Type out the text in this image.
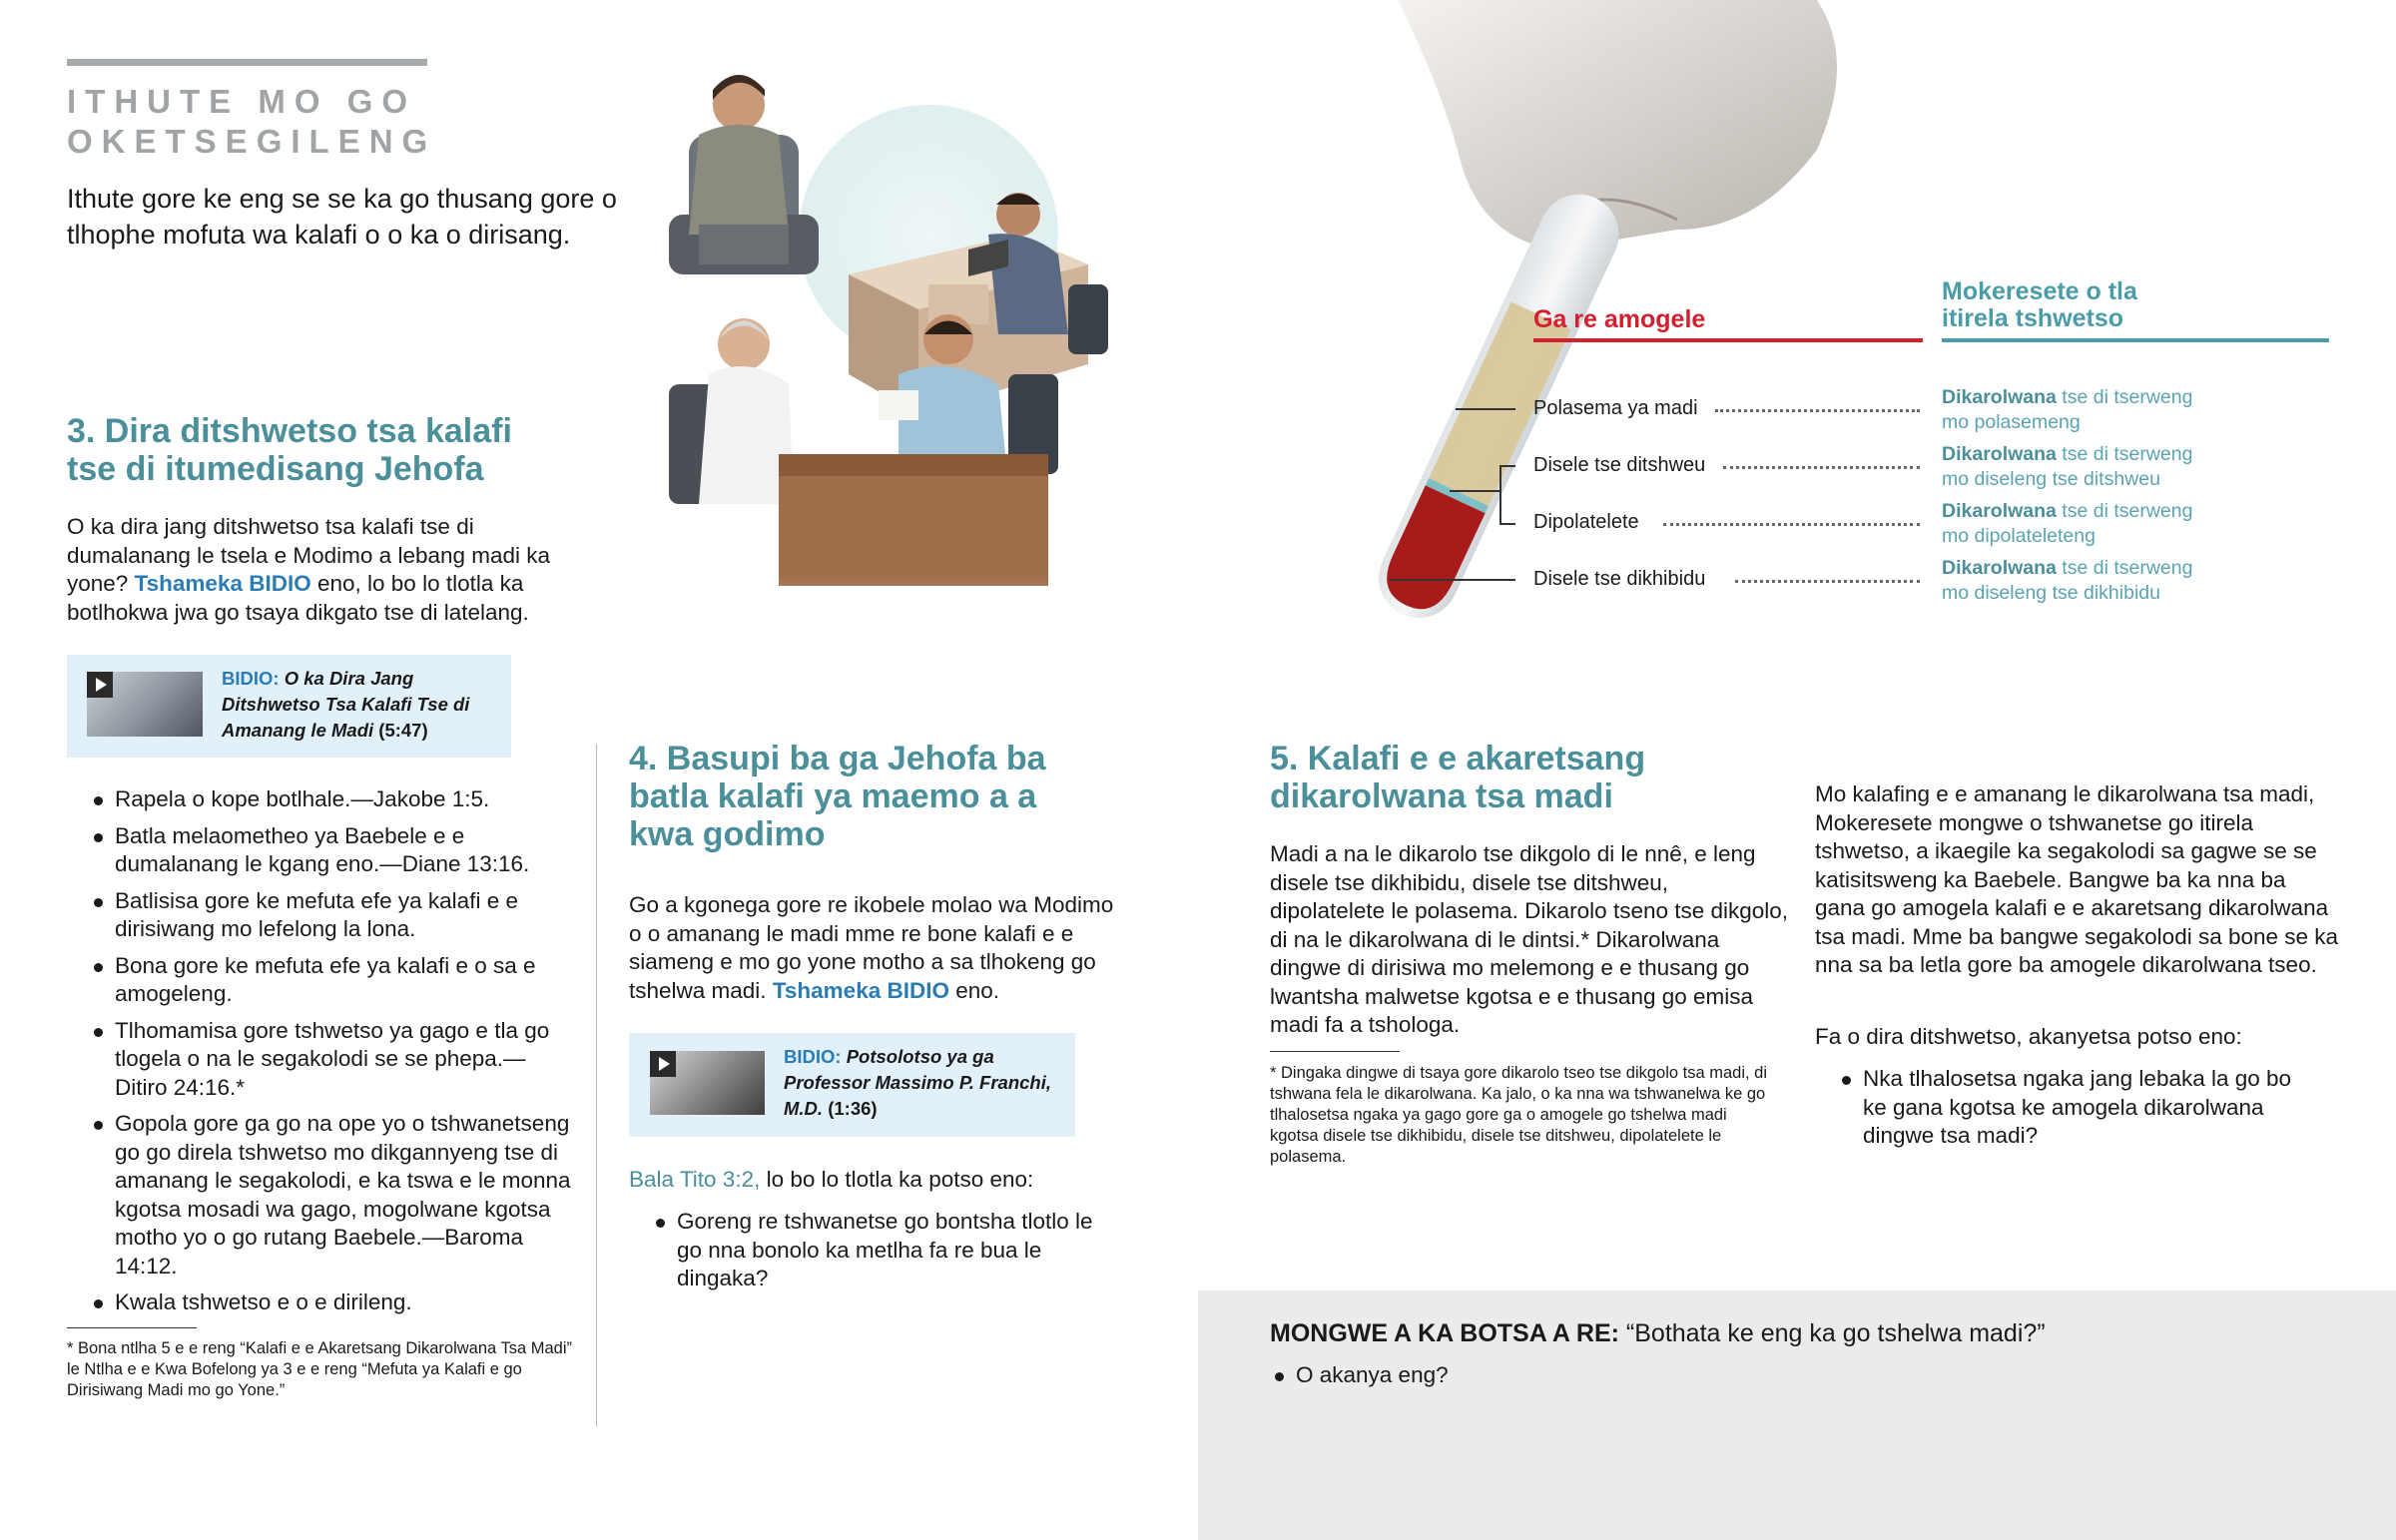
ITHUTE MO GO
OKETSEGILENG
Ithute gore ke eng se se ka go thusang gore o tlhophe mofuta wa kalafi o o ka o dirisang.
Ga re amogele
Mokeresete o tla
itirela tshwetso
Polasema ya madi	Dikarolwana tse di tserweng
mo polasemeng
Disele tse ditshweu	Dikarolwana tse di tserweng
mo diseleng tse ditshweu
Dipolatelete	Dikarolwana tse di tserweng
mo dipolateleteng
Disele tse dikhibidu	Dikarolwana tse di tserweng
mo diseleng tse dikhibidu
3. Dira ditshwetso tsa kalafi tse di itumedisang Jehofa

O ka dira jang ditshwetso tsa kalafi tse di dumalanang le tsela e Modimo a lebang madi ka yone? Tshameka BIDIO eno, lo bo lo tlotla ka botlhokwa jwa go tsaya dikgato tse di latelang.

BIDIO: O ka Dira Jang Ditshwetso Tsa Kalafi Tse di Amanang le Madi (5:47)
Rapela o kope botlhale.—Jakobe 1:5.
Batla melaometheo ya Baebele e e dumalanang le kgang eno.—Diane 13:16.
Batlisisa gore ke mefuta efe ya kalafi e e dirisiwang mo lefelong la lona.
Bona gore ke mefuta efe ya kalafi e o sa e amogeleng.
Tlhomamisa gore tshwetso ya gago e tla go tlogela o na le segakolodi se se phepa.—Ditiro 24:16.*
Gopola gore ga go na ope yo o tshwanetseng go go direla tshwetso mo dikgannyeng tse di amanang le segakolodi, e ka tswa e le monna kgotsa mosadi wa gago, mogolwane kgotsa motho yo o go rutang Baebele.—Baroma 14:12.
Kwala tshwetso e o e dirileng.
* Bona ntlha 5 e e reng “Kalafi e e Akaretsang Dikarolwana Tsa Madi” le Ntlha e e Kwa Bofelong ya 3 e e reng “Mefuta ya Kalafi e go Dirisiwang Madi mo go Yone.”
4. Basupi ba ga Jehofa ba batla kalafi ya maemo a a kwa godimo

Go a kgonega gore re ikobele molao wa Modimo o o amanang le madi mme re bone kalafi e e siameng e mo go yone motho a sa tlhokeng go tshelwa madi. Tshameka BIDIO eno.

BIDIO: Potsolotso ya ga Professor Massimo P. Franchi, M.D. (1:36)

Bala Tito 3:2, lo bo lo tlotla ka potso eno:

Goreng re tshwanetse go bontsha tlotlo le go nna bonolo ka metlha fa re bua le dingaka?
5. Kalafi e e akaretsang dikarolwana tsa madi

Madi a na le dikarolo tse dikgolo di le nnê, e leng disele tse dikhibidu, disele tse ditshweu, dipolatelete le polasema. Dikarolo tseno tse dikgolo, di na le dikarolwana di le dintsi.* Dikarolwana dingwe di dirisiwa mo melemong e e thusang go lwantsha malwetse kgotsa e e thusang go emisa madi fa a tshologa.

* Dingaka dingwe di tsaya gore dikarolo tseo tse dikgolo tsa madi, di tshwana fela le dikarolwana. Ka jalo, o ka nna wa tshwanelwa ke go tlhalosetsa ngaka ya gago gore ga o amogele go tshelwa madi kgotsa disele tse dikhibidu, disele tse ditshweu, dipolatelete le polasema.

Mo kalafing e e amanang le dikarolwana tsa madi, Mokeresete mongwe o tshwanetse go itirela tshwetso, a ikaegile ka segakolodi sa gagwe se se katisitsweng ka Baebele. Bangwe ba ka nna ba gana go amogela kalafi e e akaretsang dikarolwana tsa madi. Mme ba bangwe segakolodi sa bone se ka nna sa ba letla gore ba amogele dikarolwana tseo.

Fa o dira ditshwetso, akanyetsa potso eno:

Nka tlhalosetsa ngaka jang lebaka la go bo ke gana kgotsa ke amogela dikarolwana dingwe tsa madi?
MONGWE A KA BOTSA A RE: “Bothata ke eng ka go tshelwa madi?”
O akanya eng?
